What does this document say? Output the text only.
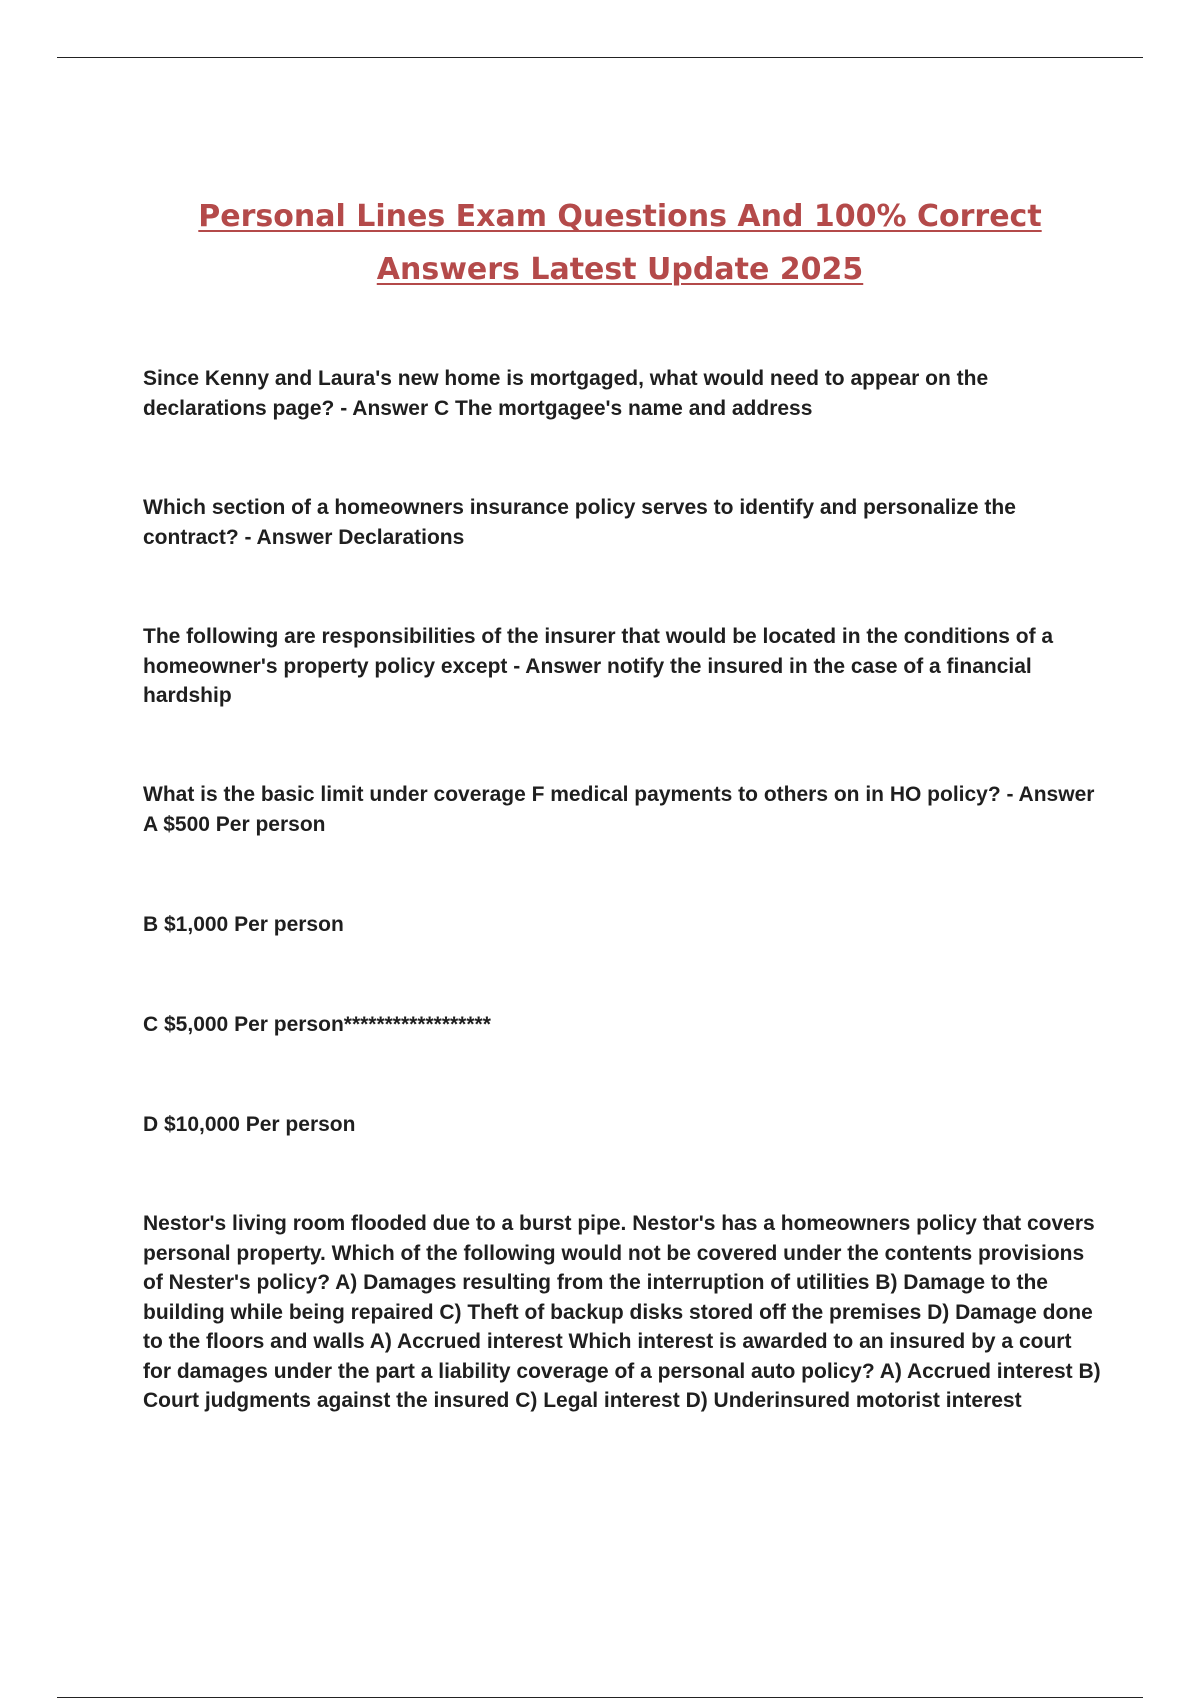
Personal Lines Exam Questions And 100% Correct
Answers Latest Update 2025

Since Kenny and Laura's new home is mortgaged, what would need to appear on the declarations page? - Answer C The mortgagee's name and address

Which section of a homeowners insurance policy serves to identify and personalize the contract? - Answer Declarations

The following are responsibilities of the insurer that would be located in the conditions of a homeowner's property policy except - Answer notify the insured in the case of a financial hardship

What is the basic limit under coverage F medical payments to others on in HO policy? - Answer A $500 Per person

B $1,000 Per person

C $5,000 Per person******************

D $10,000 Per person

Nestor's living room flooded due to a burst pipe. Nestor's has a homeowners policy that covers personal property. Which of the following would not be covered under the contents provisions of Nester's policy? A) Damages resulting from the interruption of utilities B) Damage to the building while being repaired C) Theft of backup disks stored off the premises D) Damage done to the floors and walls A) Accrued interest Which interest is awarded to an insured by a court for damages under the part a liability coverage of a personal auto policy? A) Accrued interest B) Court judgments against the insured C) Legal interest D) Underinsured motorist interest
